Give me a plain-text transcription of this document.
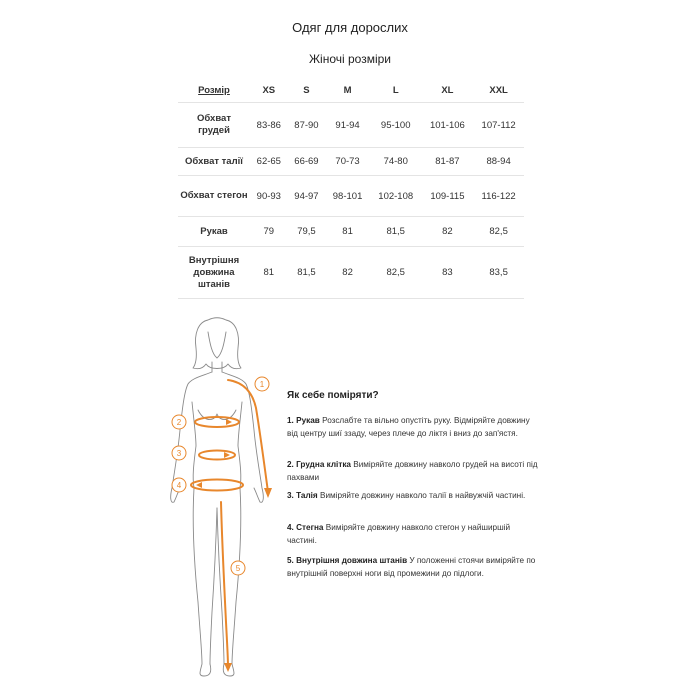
Одяг для дорослих
Жіночі розміри
Розмір	XS	S	M	L	XL	XXL
Обхват грудей	83-86	87-90	91-94	95-100	101-106	107-112
Обхват талії	62-65	66-69	70-73	74-80	81-87	88-94
Обхват стегон	90-93	94-97	98-101	102-108	109-115	116-122
Рукав	79	79,5	81	81,5	82	82,5
Внутрішня довжина штанів	81	81,5	82	82,5	83	83,5
1
2
3
4
5
Як себе поміряти?
1. Рукав Розслабте та вільно опустіть руку. Відміряйте довжину від центру шиї ззаду, через плече до ліктя і вниз до зап'ястя.
2. Грудна клітка Виміряйте довжину навколо грудей на висоті під пахвами
3. Талія Виміряйте довжину навколо талії в найвужчій частині.
4. Стегна Виміряйте довжину навколо стегон у найширшій частині.
5. Внутрішня довжина штанів У положенні стоячи виміряйте по внутрішній поверхні ноги від промежини до підлоги.
